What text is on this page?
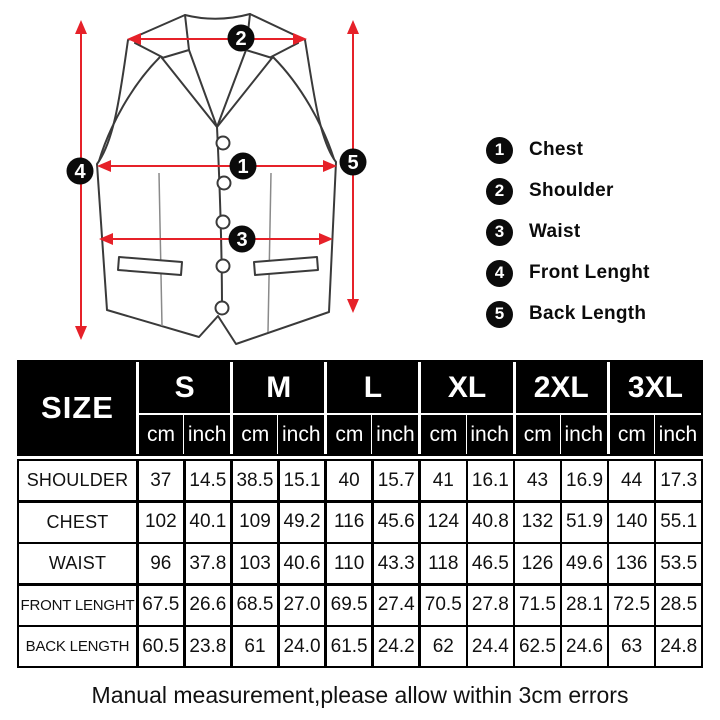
1
2
3
4	5
1	Chest
2	Shoulder
3	Waist
4	Front Lenght
5	Back Length
SIZE
S	M	L	XL	2XL	3XL
cm inch cm inch cm inch cm inch cm inch cm inch
SHOULDER	37 14.5 38.5 15.1 40 15.7 41 16.1 43 16.9 44 17.3
CHEST	102 40.1 109 49.2 116 45.6 124 40.8 132 51.9 140 55.1
WAIST	96 37.8 103 40.6 110 43.3 118 46.5 126 49.6 136 53.5
FRONT LENGHT 67.5 26.6 68.5 27.0 69.5 27.4 70.5 27.8 71.5 28.1 72.5 28.5
BACK LENGTH 60.5 23.8 61 24.0 61.5 24.2 62 24.4 62.5 24.6 63 24.8
Manual measurement,please allow within 3cm errors
